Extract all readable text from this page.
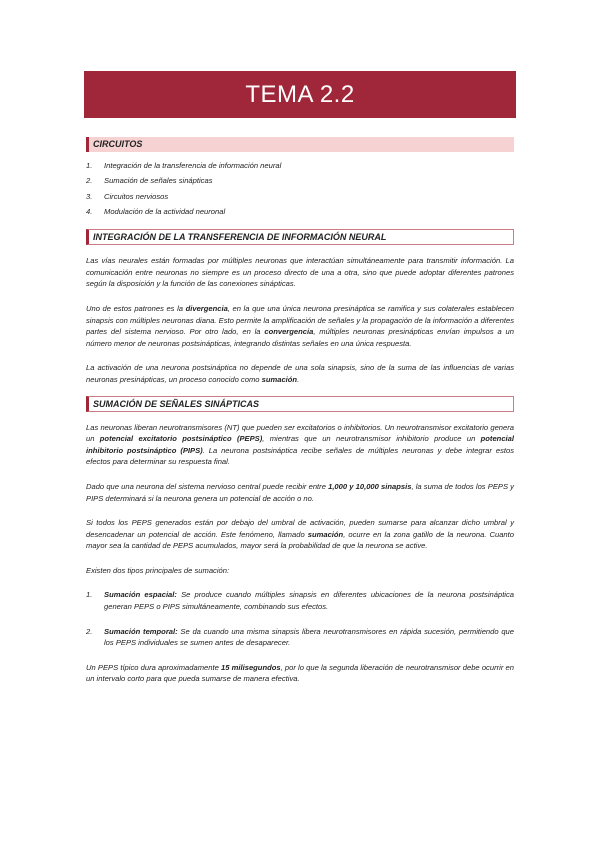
TEMA 2.2
CIRCUITOS
1.	Integración de la transferencia de información neural
2.	Sumación de señales sinápticas
3.	Circuitos nerviosos
4.	Modulación de la actividad neuronal
INTEGRACIÓN DE LA TRANSFERENCIA DE INFORMACIÓN NEURAL

Las vías neurales están formadas por múltiples neuronas que interactúan simultáneamente para transmitir información. La comunicación entre neuronas no siempre es un proceso directo de una a otra, sino que puede adoptar diferentes patrones según la disposición y la función de las conexiones sinápticas.

Uno de estos patrones es la divergencia, en la que una única neurona presináptica se ramifica y sus colaterales establecen sinapsis con múltiples neuronas diana. Esto permite la amplificación de señales y la propagación de la información a diferentes partes del sistema nervioso. Por otro lado, en la convergencia, múltiples neuronas presinápticas envían impulsos a un número menor de neuronas postsinápticas, integrando distintas señales en una única respuesta.

La activación de una neurona postsináptica no depende de una sola sinapsis, sino de la suma de las influencias de varias neuronas presinápticas, un proceso conocido como sumación.

SUMACIÓN DE SEÑALES SINÁPTICAS

Las neuronas liberan neurotransmisores (NT) que pueden ser excitatorios o inhibitorios. Un neurotransmisor excitatorio genera un potencial excitatorio postsináptico (PEPS), mientras que un neurotransmisor inhibitorio produce un potencial inhibitorio postsináptico (PIPS). La neurona postsináptica recibe señales de múltiples neuronas y debe integrar estos efectos para determinar su respuesta final.

Dado que una neurona del sistema nervioso central puede recibir entre 1,000 y 10,000 sinapsis, la suma de todos los PEPS y PIPS determinará si la neurona genera un potencial de acción o no.

Si todos los PEPS generados están por debajo del umbral de activación, pueden sumarse para alcanzar dicho umbral y desencadenar un potencial de acción. Este fenómeno, llamado sumación, ocurre en la zona gatillo de la neurona. Cuanto mayor sea la cantidad de PEPS acumulados, mayor será la probabilidad de que la neurona se active.

Existen dos tipos principales de sumación:

1.	Sumación espacial: Se produce cuando múltiples sinapsis en diferentes ubicaciones de la neurona postsináptica generan PEPS o PIPS simultáneamente, combinando sus efectos.
2.	Sumación temporal: Se da cuando una misma sinapsis libera neurotransmisores en rápida sucesión, permitiendo que los PEPS individuales se sumen antes de desaparecer.

Un PEPS típico dura aproximadamente 15 milisegundos, por lo que la segunda liberación de neurotransmisor debe ocurrir en un intervalo corto para que pueda sumarse de manera efectiva.
